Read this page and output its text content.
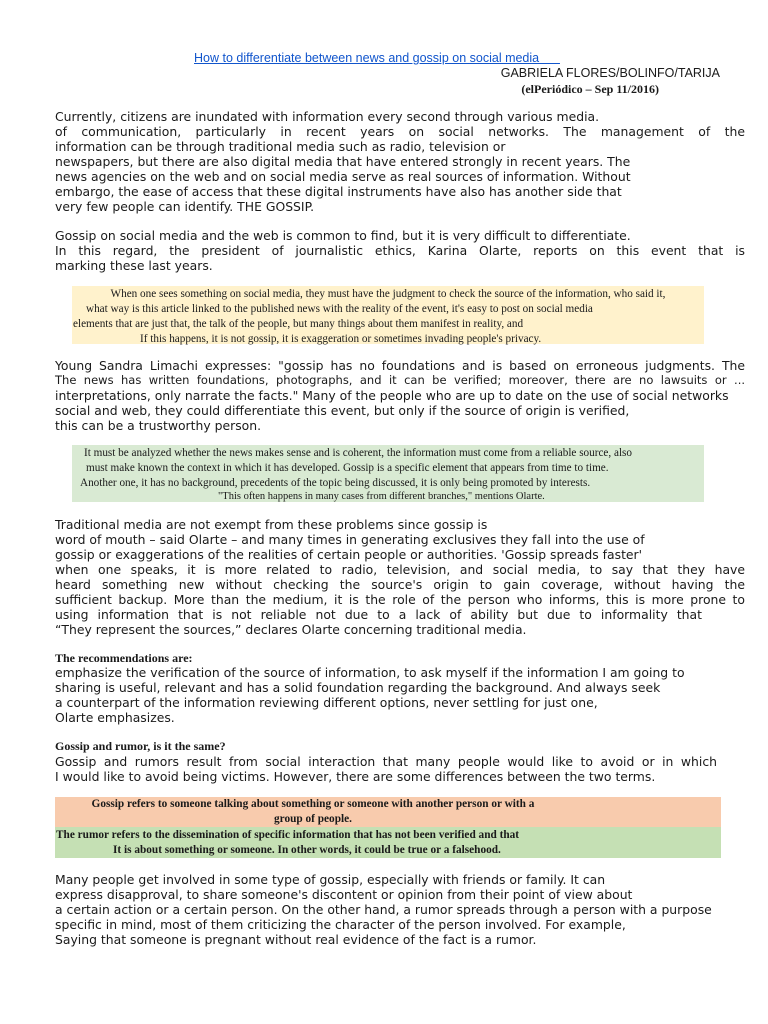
How to differentiate between news and gossip on social media
GABRIELA FLORES/BOLINFO/TARIJA
(elPeriódico – Sep 11/2016)
Currently, citizens are inundated with information every second through various media.
of communication, particularly in recent years on social networks. The management of the
information can be through traditional media such as radio, television or
newspapers, but there are also digital media that have entered strongly in recent years. The
news agencies on the web and on social media serve as real sources of information. Without
embargo, the ease of access that these digital instruments have also has another side that
very few people can identify. THE GOSSIP.
Gossip on social media and the web is common to find, but it is very difficult to differentiate.
In this regard, the president of journalistic ethics, Karina Olarte, reports on this event that is
marking these last years.
When one sees something on social media, they must have the judgment to check the source of the information, who said it,
what way is this article linked to the published news with the reality of the event, it's easy to post on social media
elements that are just that, the talk of the people, but many things about them manifest in reality, and
If this happens, it is not gossip, it is exaggeration or sometimes invading people's privacy.
Young Sandra Limachi expresses: "gossip has no foundations and is based on erroneous judgments. The
The news has written foundations, photographs, and it can be verified; moreover, there are no lawsuits or ...
interpretations, only narrate the facts." Many of the people who are up to date on the use of social networks
social and web, they could differentiate this event, but only if the source of origin is verified,
this can be a trustworthy person.
It must be analyzed whether the news makes sense and is coherent, the information must come from a reliable source, also
must make known the context in which it has developed. Gossip is a specific element that appears from time to time.
Another one, it has no background, precedents of the topic being discussed, it is only being promoted by interests.
"This often happens in many cases from different branches," mentions Olarte.
Traditional media are not exempt from these problems since gossip is
word of mouth – said Olarte – and many times in generating exclusives they fall into the use of
gossip or exaggerations of the realities of certain people or authorities. 'Gossip spreads faster'
when one speaks, it is more related to radio, television, and social media, to say that they have
heard something new without checking the source's origin to gain coverage, without having the
sufficient backup. More than the medium, it is the role of the person who informs, this is more prone to
using information that is not reliable not due to a lack of ability but due to informality that
“They represent the sources,” declares Olarte concerning traditional media.
The recommendations are:
emphasize the verification of the source of information, to ask myself if the information I am going to
sharing is useful, relevant and has a solid foundation regarding the background. And always seek
a counterpart of the information reviewing different options, never settling for just one,
Olarte emphasizes.
Gossip and rumor, is it the same?
Gossip and rumors result from social interaction that many people would like to avoid or in which
I would like to avoid being victims. However, there are some differences between the two terms.
Gossip refers to someone talking about something or someone with another person or with a
group of people.
The rumor refers to the dissemination of specific information that has not been verified and that
It is about something or someone. In other words, it could be true or a falsehood.
Many people get involved in some type of gossip, especially with friends or family. It can
express disapproval, to share someone's discontent or opinion from their point of view about
a certain action or a certain person. On the other hand, a rumor spreads through a person with a purpose
specific in mind, most of them criticizing the character of the person involved. For example,
Saying that someone is pregnant without real evidence of the fact is a rumor.
